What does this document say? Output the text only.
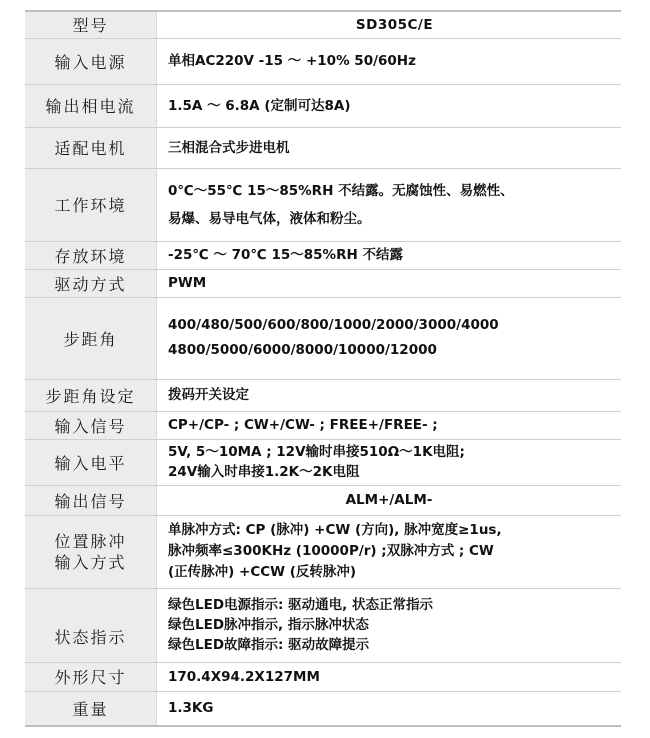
型号	SD305C/E
输入电源	单相AC220V -15 ～ +10% 50/60Hz

输出相电流	1.5A ～ 6.8A (定制可达8A)

适配电机	三相混合式步进电机

工作环境	0℃～55℃ 15～85%RH 不结露。无腐蚀性、易燃性、
易爆、易导电气体，液体和粉尘。

存放环境	-25℃ ～ 70℃ 15～85%RH 不结露

驱动方式	PWM

步距角	400/480/500/600/800/1000/2000/3000/4000
4800/5000/6000/8000/10000/12000

步距角设定	拨码开关设定

输入信号	CP+/CP- ; CW+/CW- ; FREE+/FREE- ;

输入电平	5V, 5～10MA ; 12V输时串接510Ω～1K电阻;
24V输入时串接1.2K～2K电阻

输出信号	ALM+/ALM-

位置脉冲
输入方式	单脉冲方式: CP (脉冲) +CW (方向), 脉冲宽度≥1us,
脉冲频率≤300KHz (10000P/r) ;双脉冲方式 ; CW
(正传脉冲) +CCW (反转脉冲)

状态指示	绿色LED电源指示: 驱动通电, 状态正常指示
绿色LED脉冲指示, 指示脉冲状态
绿色LED故障指示: 驱动故障提示

外形尺寸	170.4X94.2X127MM

重量	1.3KG
